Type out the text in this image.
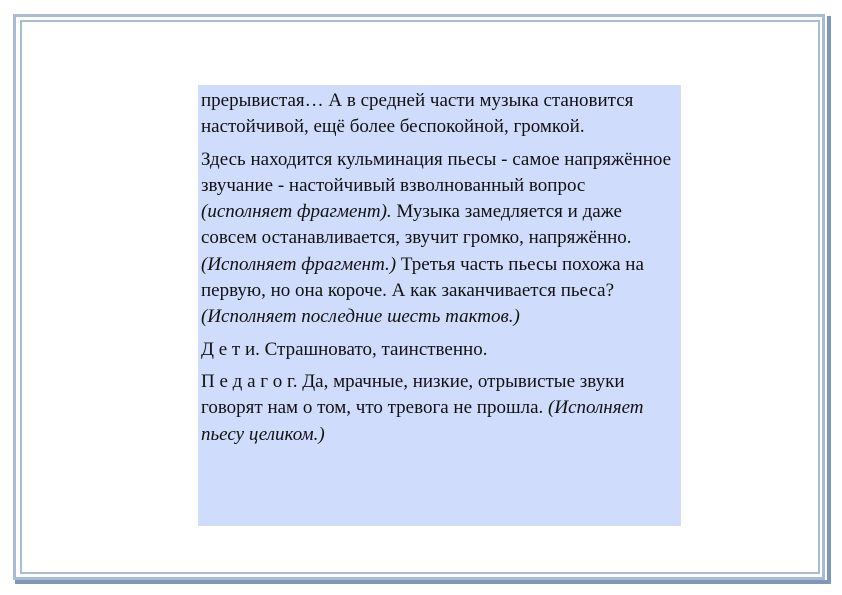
прерывистая… А в средней части музыка становится настойчивой, ещё более беспокойной, громкой.

Здесь находится кульминация пьесы - самое напряжённое звучание - настойчивый взволнованный вопрос (исполняет фрагмент). Музыка замедляется и даже совсем останавливается, звучит громко, напряжённо. (Исполняет фрагмент.) Третья часть пьесы похожа на первую, но она короче. А как заканчивается пьеса? (Исполняет последние шесть тактов.)

Д е т и. Страшновато, таинственно.

П е д а г о г. Да, мрачные, низкие, отрывистые звуки говорят нам о том, что тревога не прошла. (Исполняет пьесу целиком.)
